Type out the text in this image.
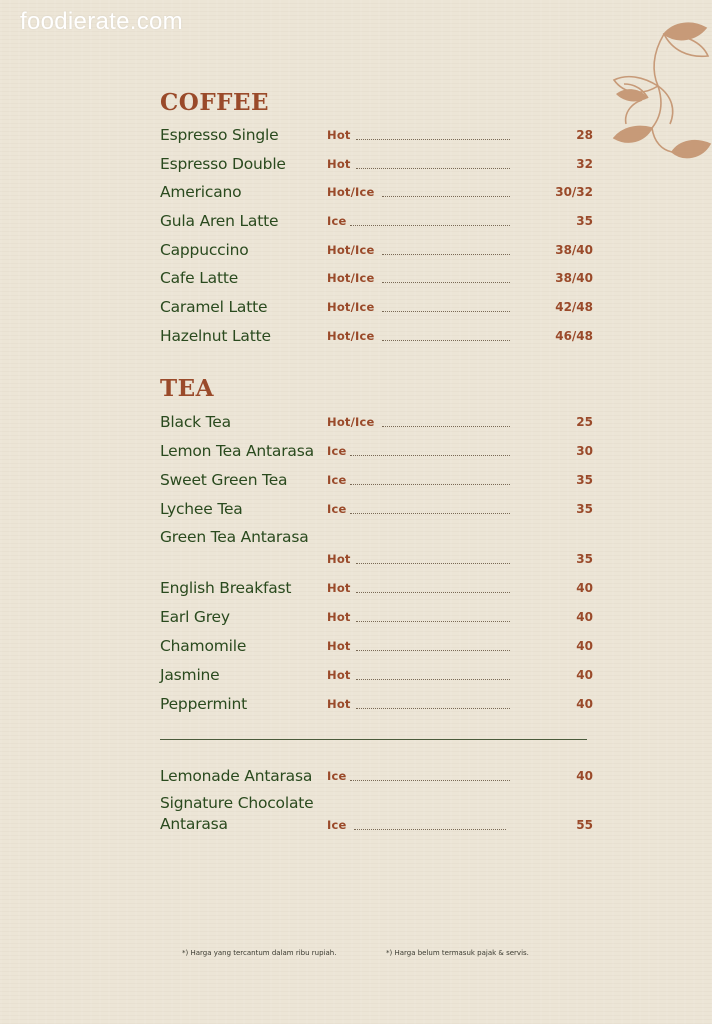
foodierate.com
COFFEE
Espresso Single	Hot	28
Espresso Double	Hot	32
Americano	Hot/Ice	30/32
Gula Aren Latte	Ice	35
Cappuccino	Hot/Ice	38/40
Cafe Latte	Hot/Ice	38/40
Caramel Latte	Hot/Ice	42/48
Hazelnut Latte	Hot/Ice	46/48
TEA
Black Tea	Hot/Ice	25
Lemon Tea Antarasa Ice	30
Sweet Green Tea	Ice	35
Lychee Tea	Ice	35
Green Tea Antarasa
Hot	35
English Breakfast	Hot	40
Earl Grey	Hot	40
Chamomile	Hot	40
Jasmine	Hot	40
Peppermint	Hot	40
Lemonade Antarasa Ice	40
Signature Chocolate Antarasa	Ice	55
*) Harga yang tercantum dalam ribu rupiah.	*) Harga belum termasuk pajak & servis.
